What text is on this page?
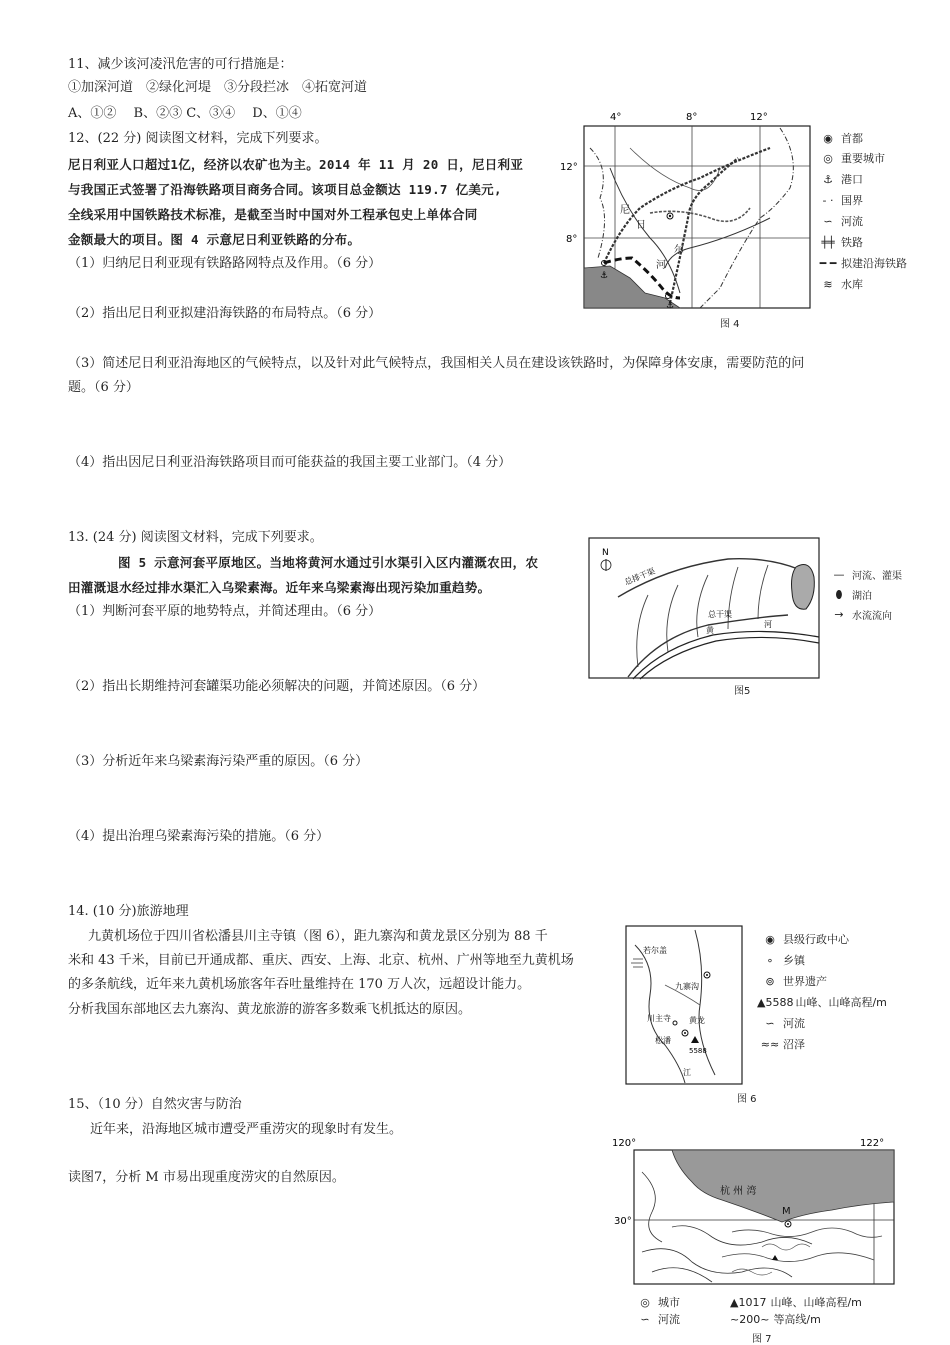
11、减少该河凌汛危害的可行措施是：
①加深河道　②绿化河堤　③分段拦冰　④拓宽河道
A、①②　 B、②③ C、③④　 D、①④
12、(22 分) 阅读图文材料，完成下列要求。
尼日利亚人口超过1亿，经济以农矿也为主。2014 年 11 月 20 日，尼日利亚
与我国正式签署了沿海铁路项目商务合同。该项目总金额达 119.7 亿美元,
全线采用中国铁路技术标准，是截至当时中国对外工程承包史上单体合同
金额最大的项目。图 4 示意尼日利亚铁路的分布。
（1）归纳尼日利亚现有铁路路网特点及作用。（6 分）
（2）指出尼日利亚拟建沿海铁路的布局特点。（6 分）
（3）简述尼日利亚沿海地区的气候特点，以及针对此气候特点，我国相关人员在建设该铁路时，为保障身体安康，需要防范的问
题。（6 分）
（4）指出因尼日利亚沿海铁路项目而可能获益的我国主要工业部门。（4 分）
⚓
⚓
尼
日
尔
河
4°	8°	12°
12°
8°
◉ 首都
◎ 重要城市
⚓ 港口
- · 国界
∽ 河流
╪╪ 铁路
━ ━ 拟建沿海铁路
≋ 水库
图 4
13. (24 分) 阅读图文材料，完成下列要求。
图 5 示意河套平原地区。当地将黄河水通过引水渠引入区内灌溉农田，农
田灌溉退水经过排水渠汇入乌梁素海。近年来乌梁素海出现污染加重趋势。
（1）判断河套平原的地势特点，并简述理由。（6 分）
（2）指出长期维持河套罐渠功能必须解决的问题，并简述原因。（6 分）
（3）分析近年来乌梁素海污染严重的原因。（6 分）
（4）提出治理乌梁素海污染的措施。（6 分）
N
总排干渠
黄
河
总干渠
— 河流、灌渠
⬮ 湖泊
→ 水流流向
图5
14. (10 分)旅游地理
九黄机场位于四川省松潘县川主寺镇（图 6），距九寨沟和黄龙景区分别为 88 千
米和 43 千米，目前已开通成都、重庆、西安、上海、北京、杭州、广州等地至九黄机场
的多条航线，近年来九黄机场旅客年吞吐量维持在 170 万人次，远超设计能力。
分析我国东部地区去九寨沟、黄龙旅游的游客多数乘飞机抵达的原因。
若尔盖
九寨沟
黄龙
5588
川主寺
松潘
江
◉ 县级行政中心
∘ 乡镇
⊚ 世界遗产
▲5588 山峰、山峰高程/m
∽ 河流
≈≈ 沼泽
图 6
15、（10 分）自然灾害与防治
近年来，沿海地区城市遭受严重涝灾的现象时有发生。
读图7，分析 M 市易出现重度涝灾的自然原因。
120°	122°
30°
杭 州 湾
M
◎ 城市	▲1017 山峰、山峰高程/m
∽ 河流	~200~ 等高线/m
图 7
